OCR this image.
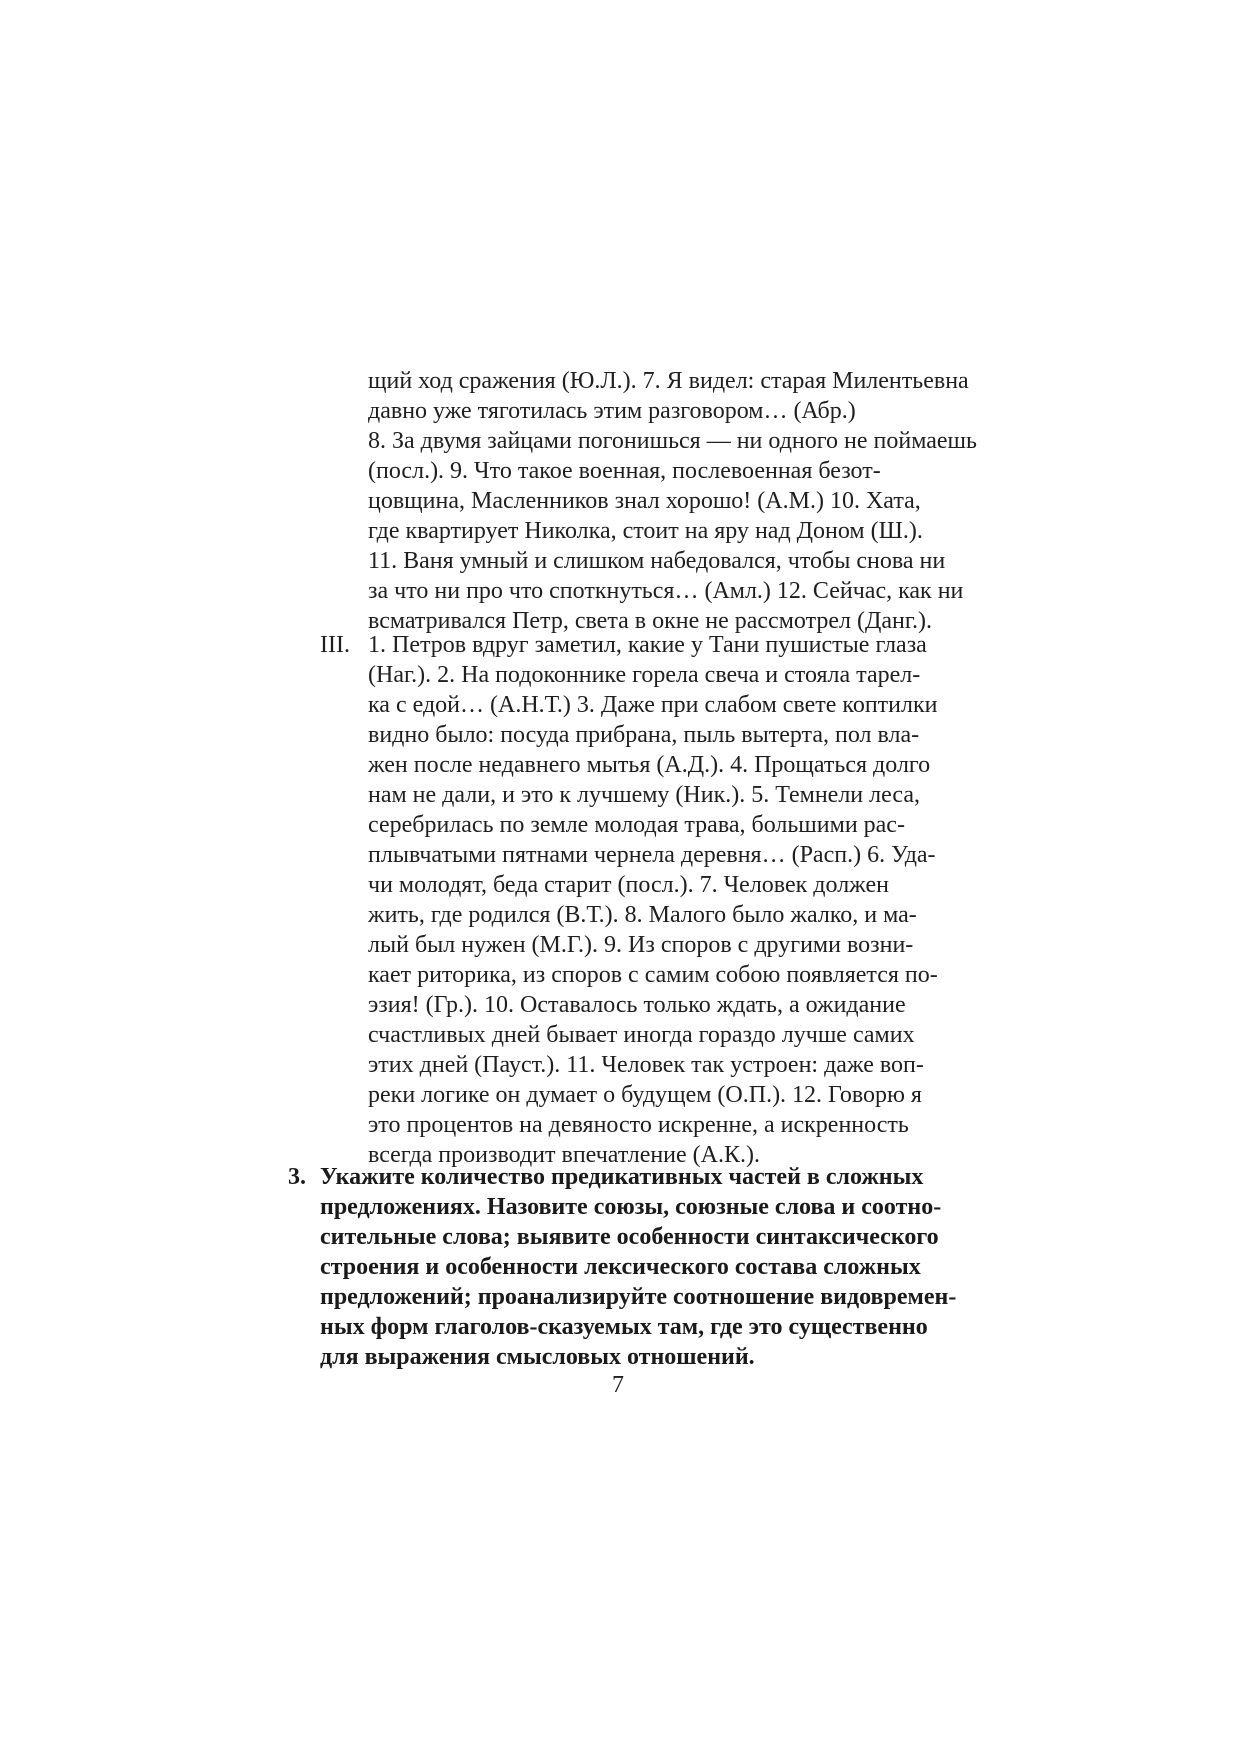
щий ход сражения (Ю.Л.). 7. Я видел: старая Милентьевна
давно уже тяготилась этим разговором… (Абр.)
8. За двумя зайцами погонишься — ни одного не поймаешь
(посл.). 9. Что такое военная, послевоенная безот-
цовщина, Масленников знал хорошо! (А.М.) 10. Хата,
где квартирует Николка, стоит на яру над Доном (Ш.).
11. Ваня умный и слишком набедовался, чтобы снова ни
за что ни про что споткнуться… (Амл.) 12. Сейчас, как ни
всматривался Петр, света в окне не рассмотрел (Данг.).
III. 1. Петров вдруг заметил, какие у Тани пушистые глаза
(Наг.). 2. На подоконнике горела свеча и стояла тарел-
ка с едой… (А.Н.Т.) 3. Даже при слабом свете коптилки
видно было: посуда прибрана, пыль вытерта, пол вла-
жен после недавнего мытья (А.Д.). 4. Прощаться долго
нам не дали, и это к лучшему (Ник.). 5. Темнели леса,
серебрилась по земле молодая трава, большими рас-
плывчатыми пятнами чернела деревня… (Расп.) 6. Уда-
чи молодят, беда старит (посл.). 7. Человек должен
жить, где родился (В.Т.). 8. Малого было жалко, и ма-
лый был нужен (М.Г.). 9. Из споров с другими возни-
кает риторика, из споров с самим собою появляется по-
эзия! (Гр.). 10. Оставалось только ждать, а ожидание
счастливых дней бывает иногда гораздо лучше самих
этих дней (Пауст.). 11. Человек так устроен: даже воп-
реки логике он думает о будущем (О.П.). 12. Говорю я
это процентов на девяносто искренне, а искренность
всегда производит впечатление (А.К.).
3. Укажите количество предикативных частей в сложных
предложениях. Назовите союзы, союзные слова и соотно-
сительные слова; выявите особенности синтаксического
строения и особенности лексического состава сложных
предложений; проанализируйте соотношение видовремен-
ных форм глаголов-сказуемых там, где это существенно
для выражения смысловых отношений.
7
